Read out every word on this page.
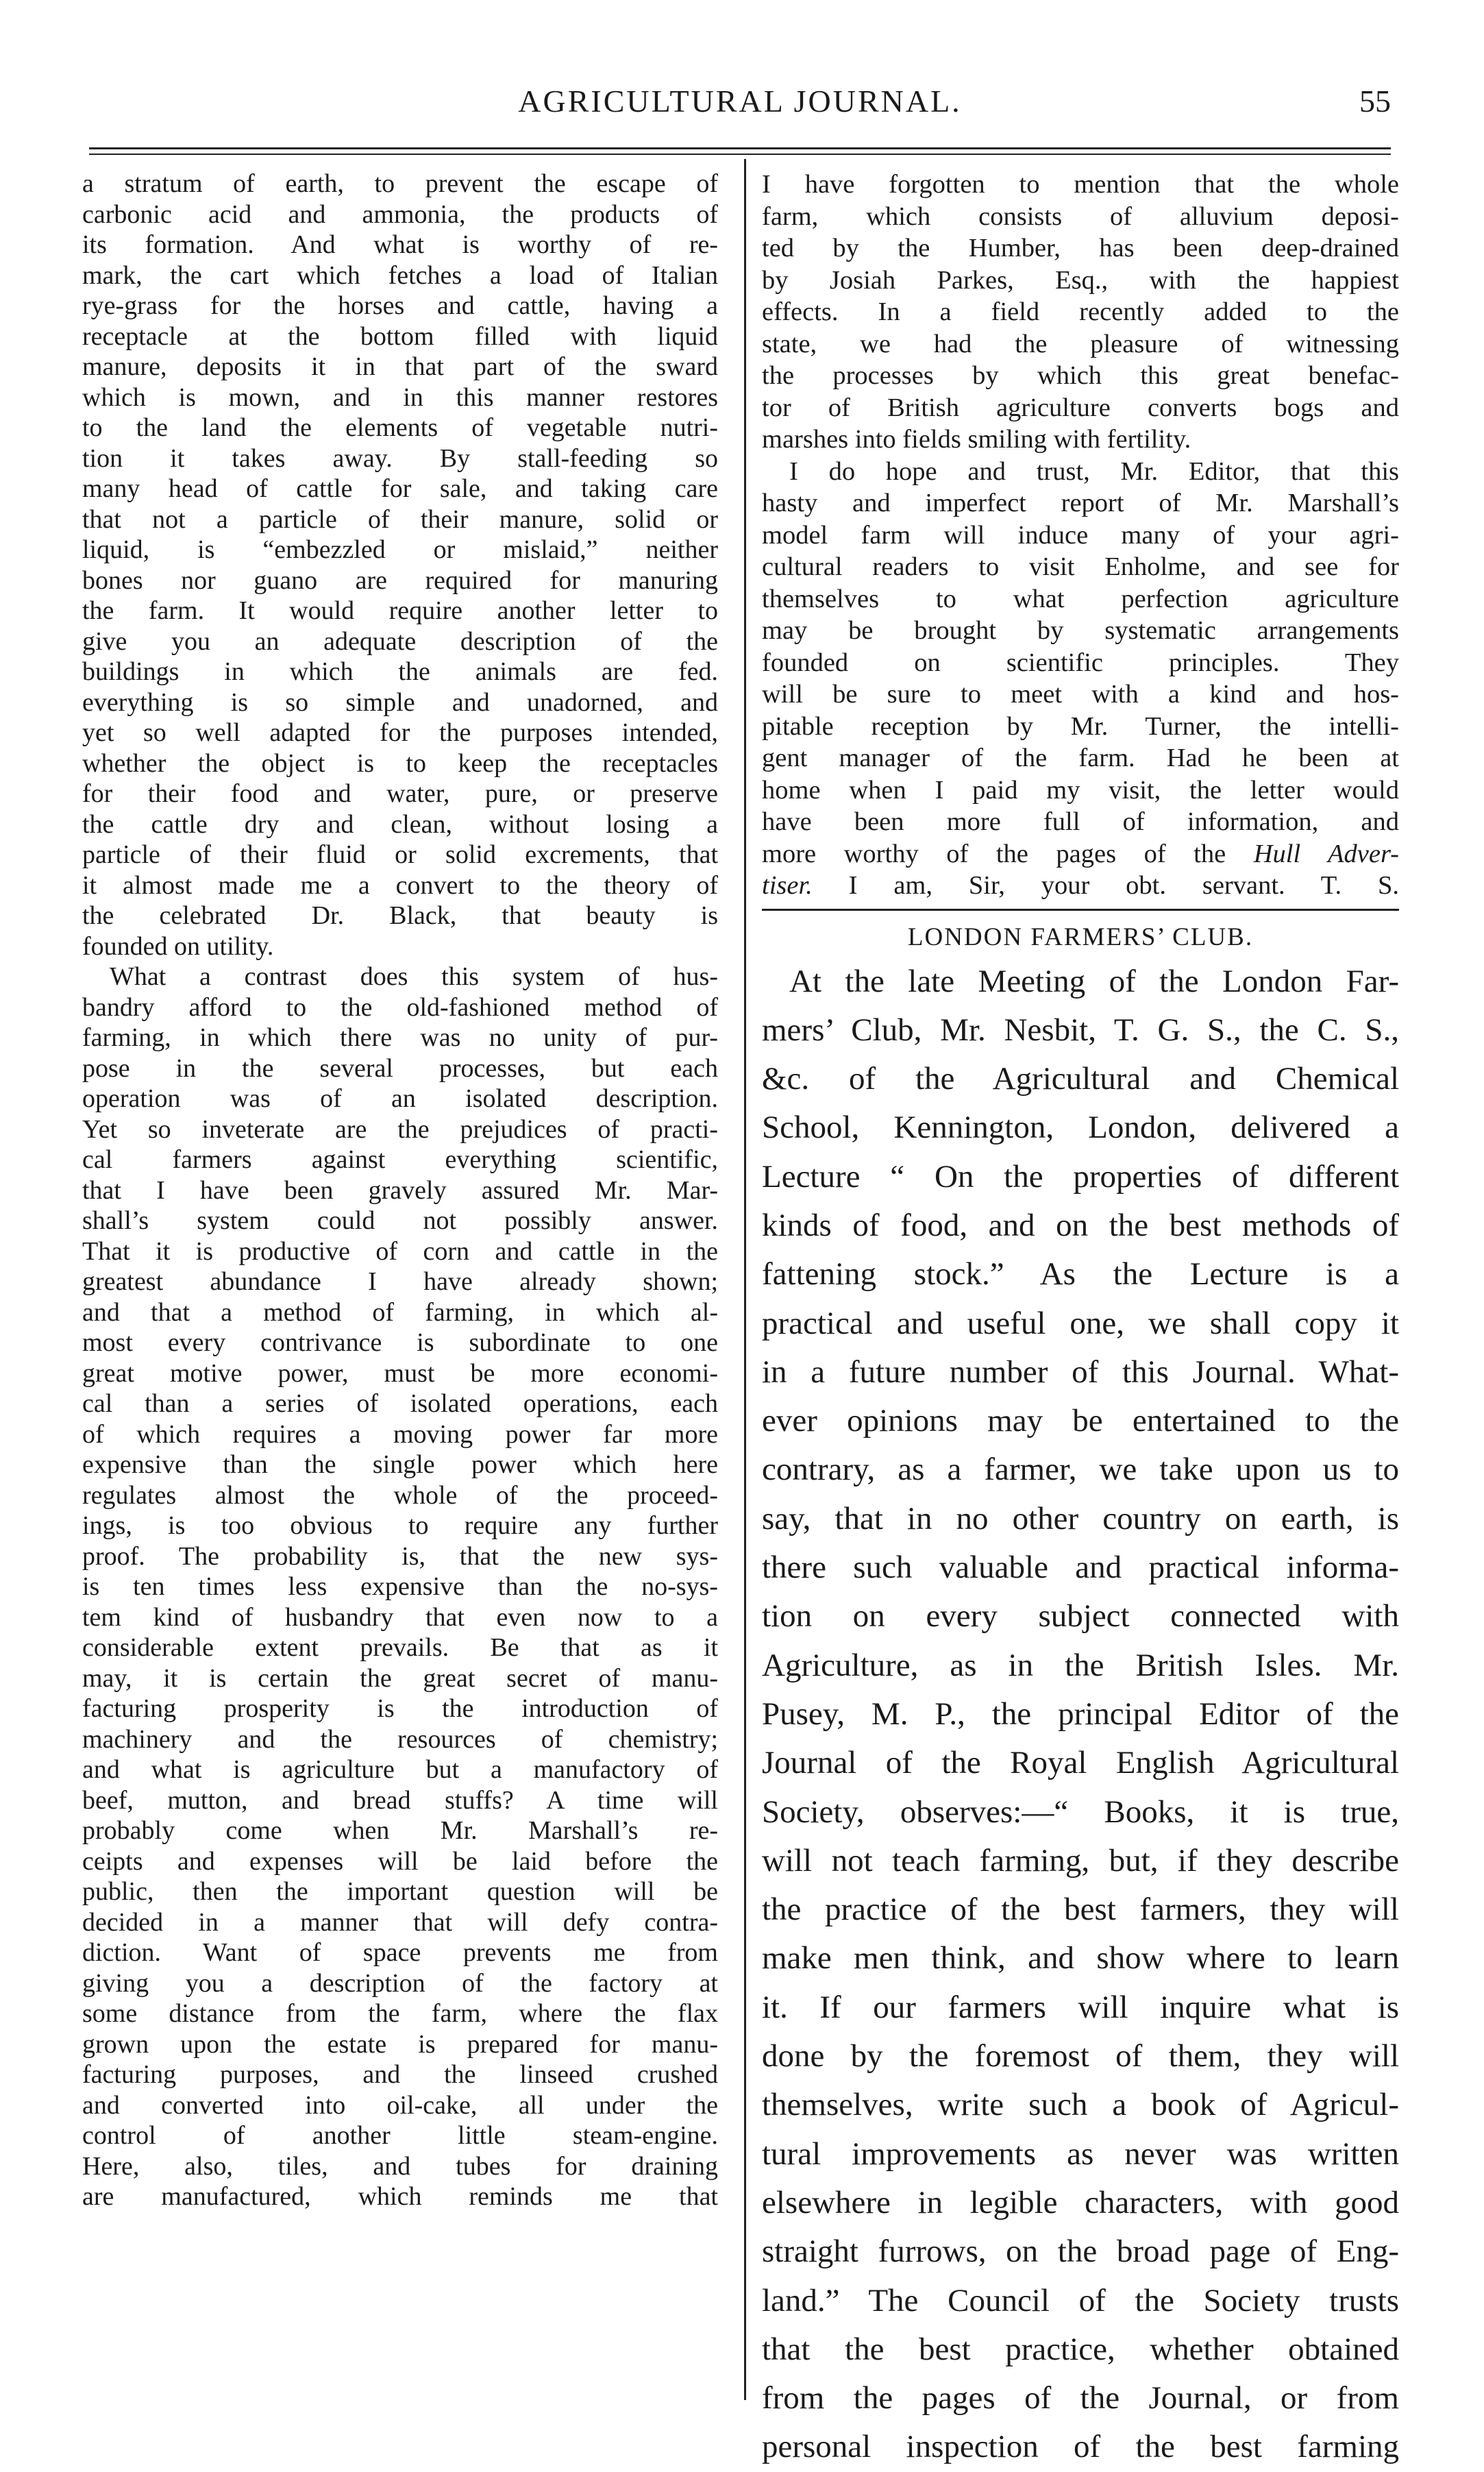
AGRICULTURAL JOURNAL.	55
a stratum of earth, to prevent the escape of
carbonic acid and ammonia, the products of
its formation. And what is worthy of re-
mark, the cart which fetches a load of Italian
rye-grass for the horses and cattle, having a
receptacle at the bottom filled with liquid
manure, deposits it in that part of the sward
which is mown, and in this manner restores
to the land the elements of vegetable nutri-
tion it takes away. By stall-feeding so
many head of cattle for sale, and taking care
that not a particle of their manure, solid or
liquid, is “embezzled or mislaid,” neither
bones nor guano are required for manuring
the farm. It would require another letter to
give you an adequate description of the
buildings in which the animals are fed.
everything is so simple and unadorned, and
yet so well adapted for the purposes intended,
whether the object is to keep the receptacles
for their food and water, pure, or preserve
the cattle dry and clean, without losing a
particle of their fluid or solid excrements, that
it almost made me a convert to the theory of
the celebrated Dr. Black, that beauty is
founded on utility.
What a contrast does this system of hus-
bandry afford to the old-fashioned method of
farming, in which there was no unity of pur-
pose in the several processes, but each
operation was of an isolated description.
Yet so inveterate are the prejudices of practi-
cal farmers against everything scientific,
that I have been gravely assured Mr. Mar-
shall’s system could not possibly answer.
That it is productive of corn and cattle in the
greatest abundance I have already shown;
and that a method of farming, in which al-
most every contrivance is subordinate to one
great motive power, must be more economi-
cal than a series of isolated operations, each
of which requires a moving power far more
expensive than the single power which here
regulates almost the whole of the proceed-
ings, is too obvious to require any further
proof. The probability is, that the new sys-
is ten times less expensive than the no-sys-
tem kind of husbandry that even now to a
considerable extent prevails. Be that as it
may, it is certain the great secret of manu-
facturing prosperity is the introduction of
machinery and the resources of chemistry;
and what is agriculture but a manufactory of
beef, mutton, and bread stuffs? A time will
probably come when Mr. Marshall’s re-
ceipts and expenses will be laid before the
public, then the important question will be
decided in a manner that will defy contra-
diction. Want of space prevents me from
giving you a description of the factory at
some distance from the farm, where the flax
grown upon the estate is prepared for manu-
facturing purposes, and the linseed crushed
and converted into oil-cake, all under the
control of another little steam-engine.
Here, also, tiles, and tubes for draining
are manufactured, which reminds me that
I have forgotten to mention that the whole
farm, which consists of alluvium deposi-
ted by the Humber, has been deep-drained
by Josiah Parkes, Esq., with the happiest
effects. In a field recently added to the
state, we had the pleasure of witnessing
the processes by which this great benefac-
tor of British agriculture converts bogs and
marshes into fields smiling with fertility.
I do hope and trust, Mr. Editor, that this
hasty and imperfect report of Mr. Marshall’s
model farm will induce many of your agri-
cultural readers to visit Enholme, and see for
themselves to what perfection agriculture
may be brought by systematic arrangements
founded on scientific principles. They
will be sure to meet with a kind and hos-
pitable reception by Mr. Turner, the intelli-
gent manager of the farm. Had he been at
home when I paid my visit, the letter would
have been more full of information, and
more worthy of the pages of the Hull Adver-
tiser. I am, Sir, your obt. servant. T. S.
LONDON FARMERS’ CLUB.
At the late Meeting of the London Far-
mers’ Club, Mr. Nesbit, T. G. S., the C. S.,
&c. of the Agricultural and Chemical
School, Kennington, London, delivered a
Lecture “ On the properties of different
kinds of food, and on the best methods of
fattening stock.” As the Lecture is a
practical and useful one, we shall copy it
in a future number of this Journal. What-
ever opinions may be entertained to the
contrary, as a farmer, we take upon us to
say, that in no other country on earth, is
there such valuable and practical informa-
tion on every subject connected with
Agriculture, as in the British Isles. Mr.
Pusey, M. P., the principal Editor of the
Journal of the Royal English Agricultural
Society, observes:—“ Books, it is true,
will not teach farming, but, if they describe
the practice of the best farmers, they will
make men think, and show where to learn
it. If our farmers will inquire what is
done by the foremost of them, they will
themselves, write such a book of Agricul-
tural improvements as never was written
elsewhere in legible characters, with good
straight furrows, on the broad page of Eng-
land.” The Council of the Society trusts
that the best practice, whether obtained
from the pages of the Journal, or from
personal inspection of the best farming
